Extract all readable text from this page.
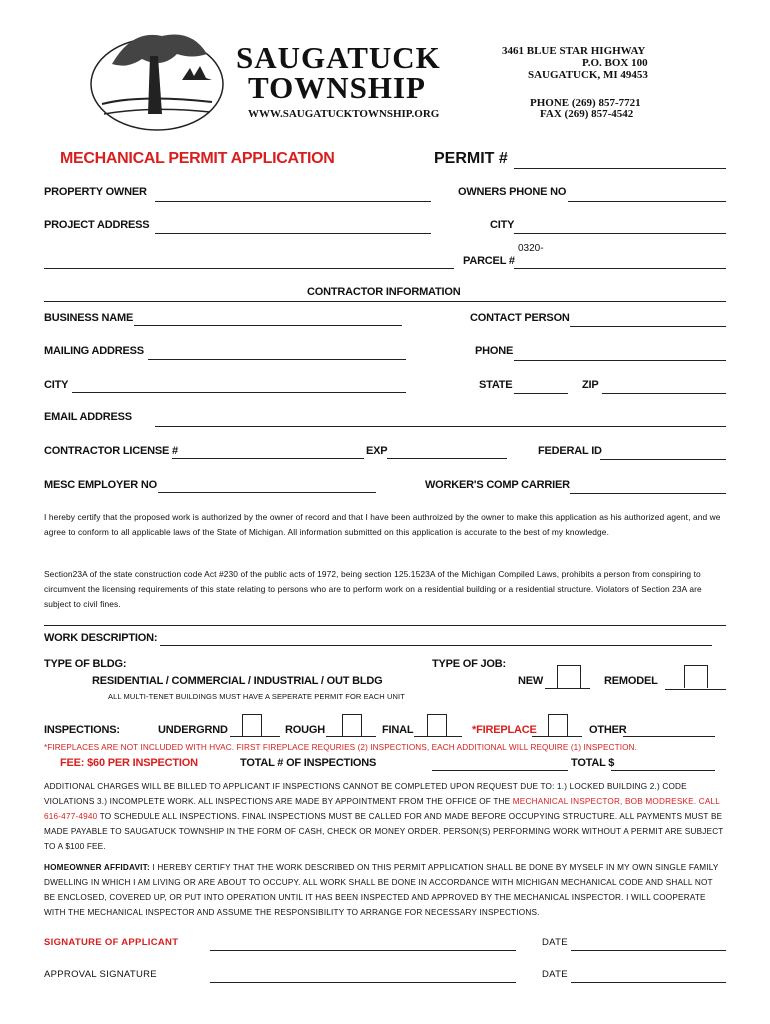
SAUGATUCK
TOWNSHIP
WWW.SAUGATUCKTOWNSHIP.ORG
3461 BLUE STAR HIGHWAY
P.O. BOX 100
SAUGATUCK, MI 49453
PHONE (269) 857-7721
FAX (269) 857-4542
MECHANICAL PERMIT APPLICATION	PERMIT #
PROPERTY OWNER	OWNERS PHONE NO
PROJECT ADDRESS	CITY
0320-
PARCEL #
CONTRACTOR INFORMATION
BUSINESS NAME	CONTACT PERSON
MAILING ADDRESS	PHONE
CITY	STATE	ZIP
EMAIL ADDRESS
CONTRACTOR LICENSE #	EXP	FEDERAL ID
MESC EMPLOYER NO	WORKER'S COMP CARRIER
I hereby certify that the proposed work is authorized by the owner of record and that I have been authroized by the owner to make this application as his authorized agent, and we agree to conform to all applicable laws of the State of Michigan. All information submitted on this application is accurate to the best of my knowledge.
Section23A of the state construction code Act #230 of the public acts of 1972, being section 125.1523A of the Michigan Compiled Laws, prohibits a person from conspiring to circumvent the licensing requirements of this state relating to persons who are to perform work on a residential building or a residential structure. Violators of Section 23A are subject to civil fines.
WORK DESCRIPTION:
TYPE OF BLDG:
RESIDENTIAL / COMMERCIAL / INDUSTRIAL / OUT BLDG
ALL MULTI-TENET BUILDINGS MUST HAVE A SEPERATE PERMIT FOR EACH UNIT
TYPE OF JOB:
NEW	REMODEL
INSPECTIONS:	UNDERGRND	ROUGH	FINAL	*FIREPLACE	OTHER
*FIREPLACES ARE NOT INCLUDED WITH HVAC. FIRST FIREPLACE REQURIES (2) INSPECTIONS, EACH ADDITIONAL WILL REQUIRE (1) INSPECTION.
FEE: $60 PER INSPECTION	TOTAL # OF INSPECTIONS	TOTAL $
ADDITIONAL CHARGES WILL BE BILLED TO APPLICANT IF INSPECTIONS CANNOT BE COMPLETED UPON REQUEST DUE TO: 1.) LOCKED BUILDING 2.) CODE VIOLATIONS 3.) INCOMPLETE WORK. ALL INSPECTIONS ARE MADE BY APPOINTMENT FROM THE OFFICE OF THE MECHANICAL INSPECTOR, BOB MODRESKE. CALL 616-477-4940 TO SCHEDULE ALL INSPECTIONS. FINAL INSPECTIONS MUST BE CALLED FOR AND MADE BEFORE OCCUPYING STRUCTURE. ALL PAYMENTS MUST BE MADE PAYABLE TO SAUGATUCK TOWNSHIP IN THE FORM OF CASH, CHECK OR MONEY ORDER. PERSON(S) PERFORMING WORK WITHOUT A PERMIT ARE SUBJECT TO A $100 FEE.
HOMEOWNER AFFIDAVIT: I HEREBY CERTIFY THAT THE WORK DESCRIBED ON THIS PERMIT APPLICATION SHALL BE DONE BY MYSELF IN MY OWN SINGLE FAMILY DWELLING IN WHICH I AM LIVING OR ARE ABOUT TO OCCUPY. ALL WORK SHALL BE DONE IN ACCORDANCE WITH MICHIGAN MECHANICAL CODE AND SHALL NOT BE ENCLOSED, COVERED UP, OR PUT INTO OPERATION UNTIL IT HAS BEEN INSPECTED AND APPROVED BY THE MECHANICAL INSPECTOR. I WILL COOPERATE WITH THE MECHANICAL INSPECTOR AND ASSUME THE RESPONSIBILITY TO ARRANGE FOR NECESSARY INSPECTIONS.
SIGNATURE OF APPLICANT	DATE
APPROVAL SIGNATURE	DATE
